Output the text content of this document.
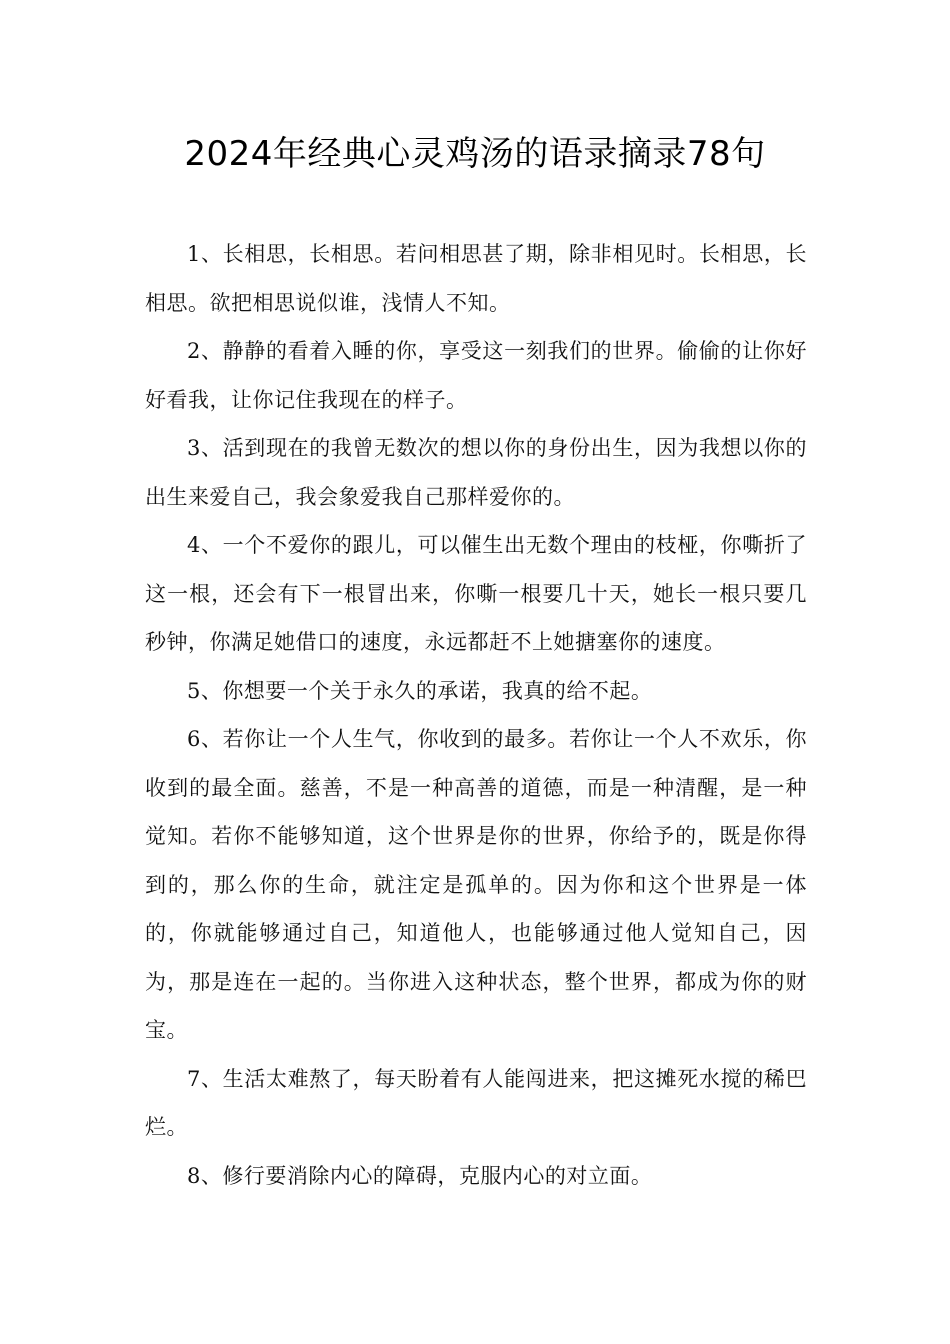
2024年经典心灵鸡汤的语录摘录78句

1、长相思，长相思。若问相思甚了期，除非相见时。长相思，长相思。欲把相思说似谁，浅情人不知。

2、静静的看着入睡的你，享受这一刻我们的世界。偷偷的让你好好看我，让你记住我现在的样子。

3、活到现在的我曾无数次的想以你的身份出生，因为我想以你的出生来爱自己，我会象爱我自己那样爱你的。

4、一个不爱你的跟儿，可以催生出无数个理由的枝桠，你嘶折了这一根，还会有下一根冒出来，你嘶一根要几十天，她长一根只要几秒钟，你满足她借口的速度，永远都赶不上她搪塞你的速度。

5、你想要一个关于永久的承诺，我真的给不起。

6、若你让一个人生气，你收到的最多。若你让一个人不欢乐，你收到的最全面。慈善，不是一种高善的道德，而是一种清醒，是一种觉知。若你不能够知道，这个世界是你的世界，你给予的，既是你得到的，那么你的生命，就注定是孤单的。因为你和这个世界是一体的，你就能够通过自己，知道他人，也能够通过他人觉知自己，因为，那是连在一起的。当你进入这种状态，整个世界，都成为你的财宝。

7、生活太难熬了，每天盼着有人能闯进来，把这摊死水搅的稀巴烂。

8、修行要消除内心的障碍，克服内心的对立面。
